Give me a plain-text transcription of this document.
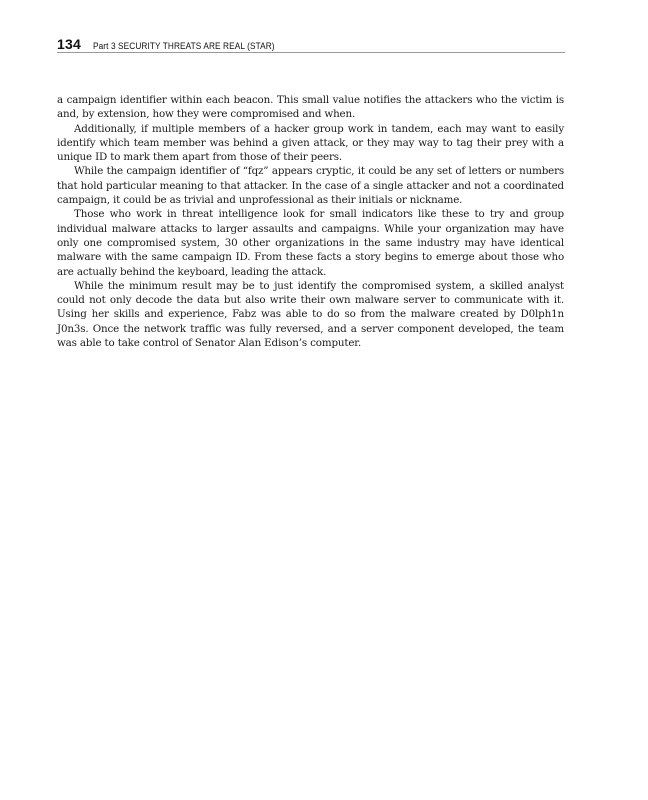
134 Part 3 SECURITY THREATS ARE REAL (STAR)

a campaign identifier within each beacon. This small value notifies the attackers who the victim is and, by extension, how they were compromised and when.

Additionally, if multiple members of a hacker group work in tandem, each may want to easily identify which team member was behind a given attack, or they may way to tag their prey with a unique ID to mark them apart from those of their peers.

While the campaign identifier of “fqz” appears cryptic, it could be any set of letters or numbers that hold particular meaning to that attacker. In the case of a single attacker and not a coordinated campaign, it could be as trivial and unprofessional as their initials or nickname.

Those who work in threat intelligence look for small indicators like these to try and group individual malware attacks to larger assaults and campaigns. While your organization may have only one compromised system, 30 other organizations in the same industry may have identical malware with the same campaign ID. From these facts a story begins to emerge about those who are actually behind the keyboard, leading the attack.

While the minimum result may be to just identify the compromised system, a skilled analyst could not only decode the data but also write their own malware server to communicate with it. Using her skills and experience, Fabz was able to do so from the malware created by D0lph1n J0n3s. Once the network traffic was fully reversed, and a server component developed, the team was able to take control of Senator Alan Edison’s computer.
